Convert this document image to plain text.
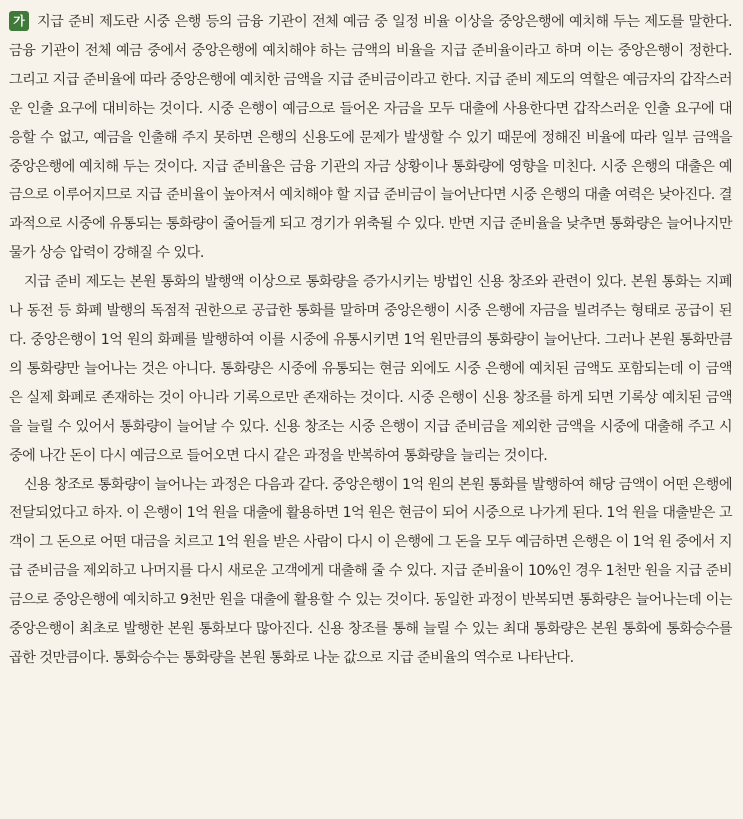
가 지급 준비 제도란 시중 은행 등의 금융 기관이 전체 예금 중 일정 비율 이상을 중앙은행에 예치해 두는 제도를 말한다. 금융 기관이 전체 예금 중에서 중앙은행에 예치해야 하는 금액의 비율을 지급 준비율이라고 하며 이는 중앙은행이 정한다. 그리고 지급 준비율에 따라 중앙은행에 예치한 금액을 지급 준비금이라고 한다. 지급 준비 제도의 역할은 예금자의 갑작스러운 인출 요구에 대비하는 것이다. 시중 은행이 예금으로 들어온 자금을 모두 대출에 사용한다면 갑작스러운 인출 요구에 대응할 수 없고, 예금을 인출해 주지 못하면 은행의 신용도에 문제가 발생할 수 있기 때문에 정해진 비율에 따라 일부 금액을 중앙은행에 예치해 두는 것이다. 지급 준비율은 금융 기관의 자금 상황이나 통화량에 영향을 미친다. 시중 은행의 대출은 예금으로 이루어지므로 지급 준비율이 높아져서 예치해야 할 지급 준비금이 늘어난다면 시중 은행의 대출 여력은 낮아진다. 결과적으로 시중에 유통되는 통화량이 줄어들게 되고 경기가 위축될 수 있다. 반면 지급 준비율을 낮추면 통화량은 늘어나지만 물가 상승 압력이 강해질 수 있다.

지급 준비 제도는 본원 통화의 발행액 이상으로 통화량을 증가시키는 방법인 신용 창조와 관련이 있다. 본원 통화는 지폐나 동전 등 화폐 발행의 독점적 권한으로 공급한 통화를 말하며 중앙은행이 시중 은행에 자금을 빌려주는 형태로 공급이 된다. 중앙은행이 1억 원의 화폐를 발행하여 이를 시중에 유통시키면 1억 원만큼의 통화량이 늘어난다. 그러나 본원 통화만큼의 통화량만 늘어나는 것은 아니다. 통화량은 시중에 유통되는 현금 외에도 시중 은행에 예치된 금액도 포함되는데 이 금액은 실제 화폐로 존재하는 것이 아니라 기록으로만 존재하는 것이다. 시중 은행이 신용 창조를 하게 되면 기록상 예치된 금액을 늘릴 수 있어서 통화량이 늘어날 수 있다. 신용 창조는 시중 은행이 지급 준비금을 제외한 금액을 시중에 대출해 주고 시중에 나간 돈이 다시 예금으로 들어오면 다시 같은 과정을 반복하여 통화량을 늘리는 것이다.

신용 창조로 통화량이 늘어나는 과정은 다음과 같다. 중앙은행이 1억 원의 본원 통화를 발행하여 해당 금액이 어떤 은행에 전달되었다고 하자. 이 은행이 1억 원을 대출에 활용하면 1억 원은 현금이 되어 시중으로 나가게 된다. 1억 원을 대출받은 고객이 그 돈으로 어떤 대금을 치르고 1억 원을 받은 사람이 다시 이 은행에 그 돈을 모두 예금하면 은행은 이 1억 원 중에서 지급 준비금을 제외하고 나머지를 다시 새로운 고객에게 대출해 줄 수 있다. 지급 준비율이 10%인 경우 1천만 원을 지급 준비금으로 중앙은행에 예치하고 9천만 원을 대출에 활용할 수 있는 것이다. 동일한 과정이 반복되면 통화량은 늘어나는데 이는 중앙은행이 최초로 발행한 본원 통화보다 많아진다. 신용 창조를 통해 늘릴 수 있는 최대 통화량은 본원 통화에 통화승수를 곱한 것만큼이다. 통화승수는 통화량을 본원 통화로 나눈 값으로 지급 준비율의 역수로 나타난다.
